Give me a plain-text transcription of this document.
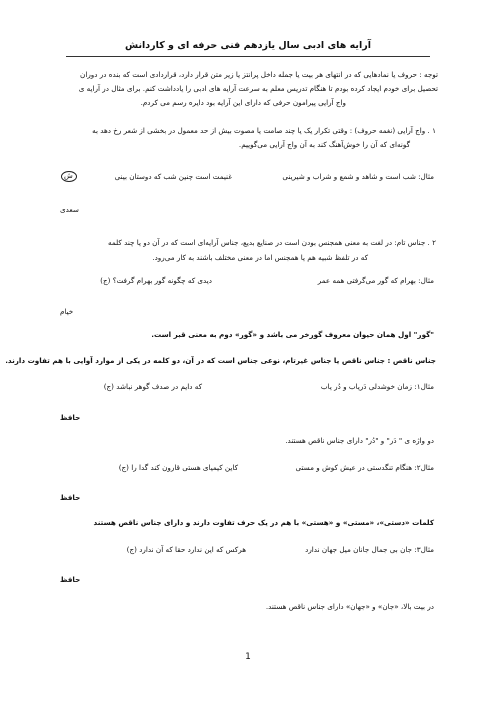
آرایه های ادبی سال یازدهم فنی حرفه ای و کاردانش
توجه : حروف یا نمادهایی که در انتهای هر بیت یا جمله داخل پرانتز یا زیر متن قرار دارد، قراردادی است که بنده در دوران
تحصیل برای خودم ایجاد کرده بودم تا هنگام تدریس معلم به سرعت آرایه های ادبی را یادداشت کنم. برای مثال در آرایه ی
واج آرایی پیرامون حرفی که دارای این آرایه بود دایره رسم می کردم.
۱ . واج آرایی (نغمه حروف) : وقتی تکرار یک یا چند صامت یا مصوت بیش از حد معمول در بخشی از شعر رخ دهد به
گونه‌ای که آن را خوش‌آهنگ کند به آن واج آرایی می‌گوییم.
مثال: شب است و شاهد و شمع و شراب و شیرینی
غنیمت است چنین شب که دوستان بینی
ش
سعدی
۲ . جناس تام: در لغت به معنی همجنس بودن است در صنایع بدیع، جناس آرایه‌ای است که در آن دو یا چند کلمه
که در تلفظ شبیه هم یا همجنس اما در معنی مختلف باشند به کار می‌رود.
مثال: بهرام که گور می‌گرفتی همه عمر
دیدی که چگونه گور بهرام گرفت؟ (ج)
خیام
"گور" اول همان حیوان معروف گورخر می باشد و «گور» دوم به معنی قبر است.
جناس ناقص : جناس ناقص یا جناس غیرتام، نوعی جناس است که در آن، دو کلمه در یکی از موارد آوایی با هم تفاوت دارند.
مثال۱: زمان خوشدلی دَریاب و دُر یاب
که دایم در صدف گوهر نباشد (ج)
حافظ
دو واژه ی " دَر" و "دُر" دارای جناس ناقص هستند.
مثال۲: هنگام تنگدستی در عیش کوش و مستی
کاین کیمیای هستی قارون کند گدا را (ج)
حافظ
کلمات «دستی»، «مستی» و «هستی» با هم در یک حرف تفاوت دارند و دارای جناس ناقص هستند
مثال۳: جان بی جمال جانان میل جهان ندارد
هرکس که این ندارد حقا که آن ندارد (ج)
حافظ
در بیت بالا، «جان» و «جهان» دارای جناس ناقص هستند.
1
